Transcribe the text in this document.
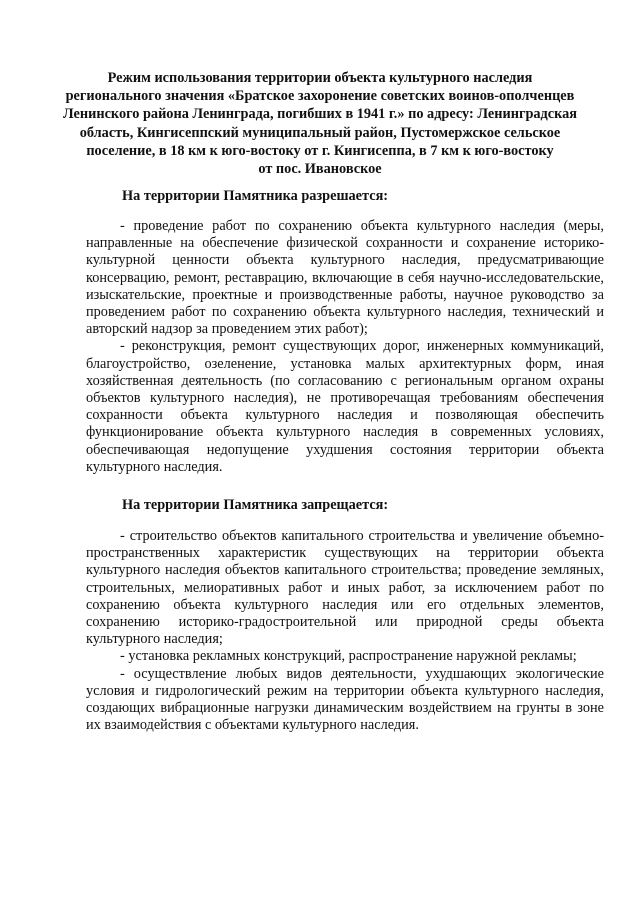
Режим использования территории объекта культурного наследия
регионального значения «Братское захоронение советских воинов-ополченцев
Ленинского района Ленинграда, погибших в 1941 г.» по адресу: Ленинградская
область, Кингисеппский муниципальный район, Пустомержское сельское
поселение, в 18 км к юго-востоку от г. Кингисеппа, в 7 км к юго-востоку
от пос. Ивановское
На территории Памятника разрешается:

- проведение работ по сохранению объекта культурного наследия (меры, направленные на обеспечение физической сохранности и сохранение историко-культурной ценности объекта культурного наследия, предусматривающие консервацию, ремонт, реставрацию, включающие в себя научно-исследовательские, изыскательские, проектные и производственные работы, научное руководство за проведением работ по сохранению объекта культурного наследия, технический и авторский надзор за проведением этих работ);

- реконструкция, ремонт существующих дорог, инженерных коммуникаций, благоустройство, озеленение, установка малых архитектурных форм, иная хозяйственная деятельность (по согласованию с региональным органом охраны объектов культурного наследия), не противоречащая требованиям обеспечения сохранности объекта культурного наследия и позволяющая обеспечить функционирование объекта культурного наследия в современных условиях, обеспечивающая недопущение ухудшения состояния территории объекта культурного наследия.

На территории Памятника запрещается:

- строительство объектов капитального строительства и увеличение объемно-пространственных характеристик существующих на территории объекта культурного наследия объектов капитального строительства; проведение земляных, строительных, мелиоративных работ и иных работ, за исключением работ по сохранению объекта культурного наследия или его отдельных элементов, сохранению историко-градостроительной или природной среды объекта культурного наследия;

- установка рекламных конструкций, распространение наружной рекламы;

- осуществление любых видов деятельности, ухудшающих экологические условия и гидрологический режим на территории объекта культурного наследия, создающих вибрационные нагрузки динамическим воздействием на грунты в зоне их взаимодействия с объектами культурного наследия.
